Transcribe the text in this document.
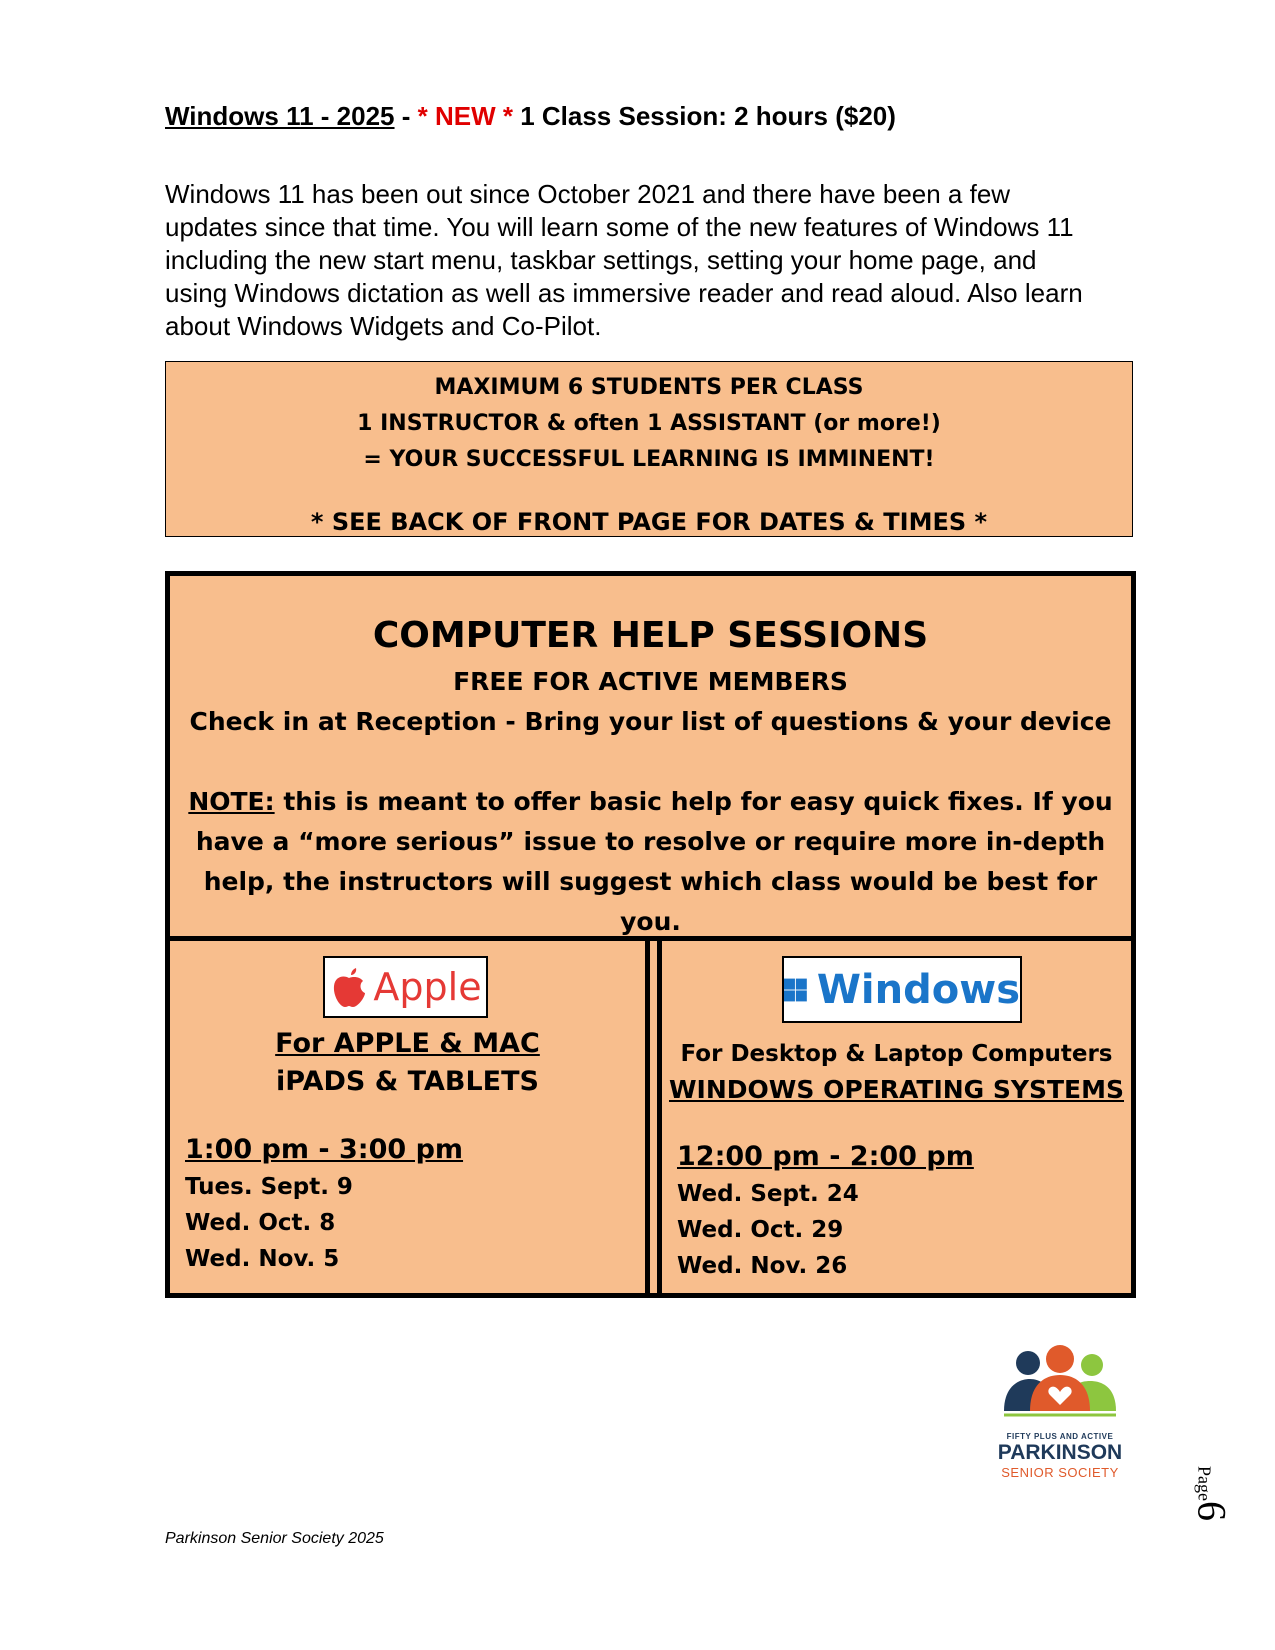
Windows 11 - 2025 - * NEW * 1 Class Session: 2 hours ($20)

Windows 11 has been out since October 2021 and there have been a few updates since that time. You will learn some of the new features of Windows 11 including the new start menu, taskbar settings, setting your home page, and using Windows dictation as well as immersive reader and read aloud. Also learn about Windows Widgets and Co-Pilot.

MAXIMUM 6 STUDENTS PER CLASS
1 INSTRUCTOR & often 1 ASSISTANT (or more!)
= YOUR SUCCESSFUL LEARNING IS IMMINENT!
* SEE BACK OF FRONT PAGE FOR DATES & TIMES *
COMPUTER HELP SESSIONS
FREE FOR ACTIVE MEMBERS
Check in at Reception - Bring your list of questions & your device
NOTE: this is meant to offer basic help for easy quick fixes. If you have a “more serious” issue to resolve or require more in-depth help, the instructors will suggest which class would be best for you.
Apple
For APPLE & MAC
iPADS & TABLETS
1:00 pm - 3:00 pm
Tues. Sept. 9
Wed. Oct. 8
Wed. Nov. 5
Windows
For Desktop & Laptop Computers
WINDOWS OPERATING SYSTEMS
12:00 pm - 2:00 pm
Wed. Sept. 24
Wed. Oct. 29
Wed. Nov. 26
FIFTY PLUS AND ACTIVE
PARKINSON
SENIOR SOCIETY	Page6
Parkinson Senior Society 2025
